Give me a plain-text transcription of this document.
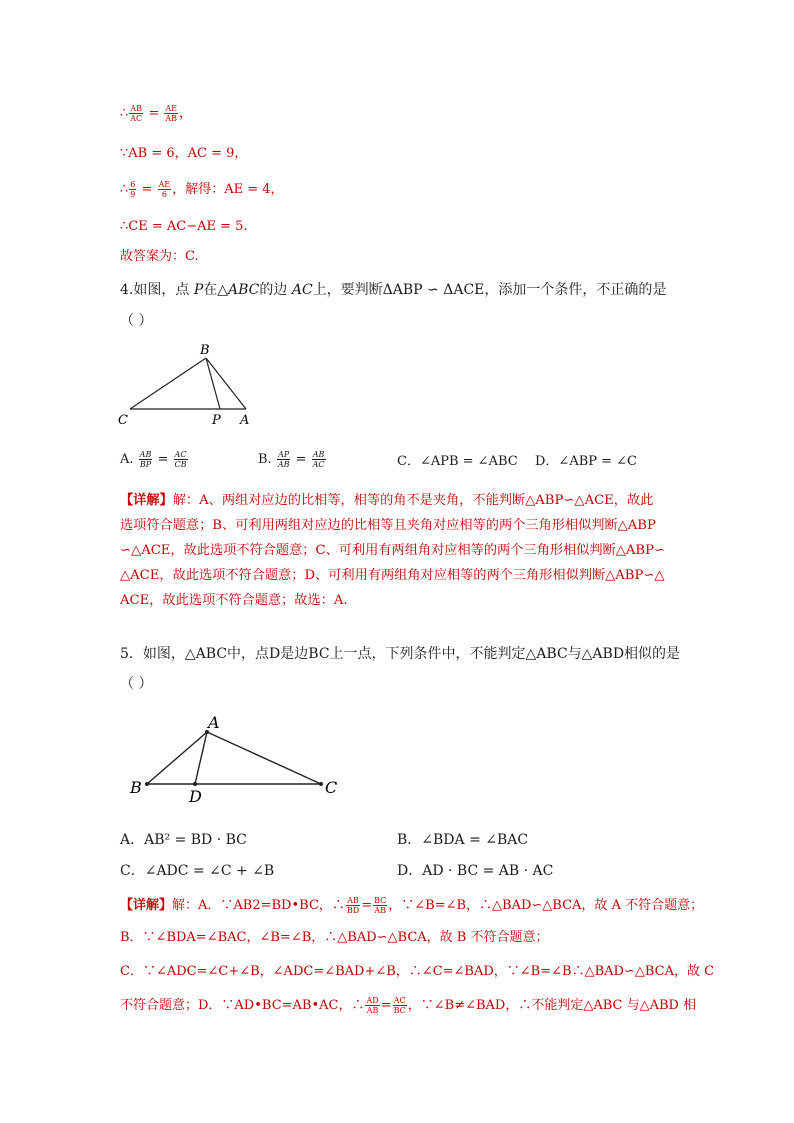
∴ $\frac{AB}{AC} = \frac{AE}{AB}$ ，
∵AB = 6，AC = 9，
∴ $\frac{6}{9} = \frac{AE}{6}$ ，解得：AE = 4，
∴CE = AC−AE = 5.
故答案为：C.
4.如图，点 P在△ABC的边 AC上，要判断ΔABP ∽ ΔACE，添加一个条件，不正确的是
（ ）
B
C	P A
A. $\frac{AB}{BP} = \frac{AC}{CB}$	B. $\frac{AP}{AB} = \frac{AB}{AC}$	C．∠APB = ∠ABC D．∠ABP = ∠C
【详解】解：A、两组对应边的比相等，相等的角不是夹角，不能判断△ABP∽△ACE，故此
选项符合题意；B、可利用两组对应边的比相等且夹角对应相等的两个三角形相似判断△ABP
∽△ACE，故此选项不符合题意；C、可利用有两组角对应相等的两个三角形相似判断△ABP∽
△ACE，故此选项不符合题意；D、可利用有两组角对应相等的两个三角形相似判断△ABP∽△
ACE，故此选项不符合题意；故选：A.
5．如图，△ABC中，点D是边BC上一点，下列条件中，不能判定△ABC与△ABD相似的是
（ ）
A
B	D	C
A．AB² = BD · BC	B．∠BDA = ∠BAC
C．∠ADC = ∠C + ∠B	D．AD · BC = AB · AC
【详解】解：A．∵AB2=BD•BC，∴ $\frac{AB}{BD} = \frac{BC}{AB}$ ，∵∠B=∠B，∴△BAD∽△BCA，故 A 不符合题意；
B．∵∠BDA=∠BAC，∠B=∠B，∴△BAD∽△BCA，故 B 不符合题意；
C．∵∠ADC=∠C+∠B，∠ADC=∠BAD+∠B，∴∠C=∠BAD，∵∠B=∠B∴△BAD∽△BCA，故 C
不符合题意；D．∵AD•BC=AB•AC，∴ $\frac{AD}{AB} = \frac{AC}{BC}$ ，∵∠B≠∠BAD，∴不能判定△ABC 与△ABD 相
